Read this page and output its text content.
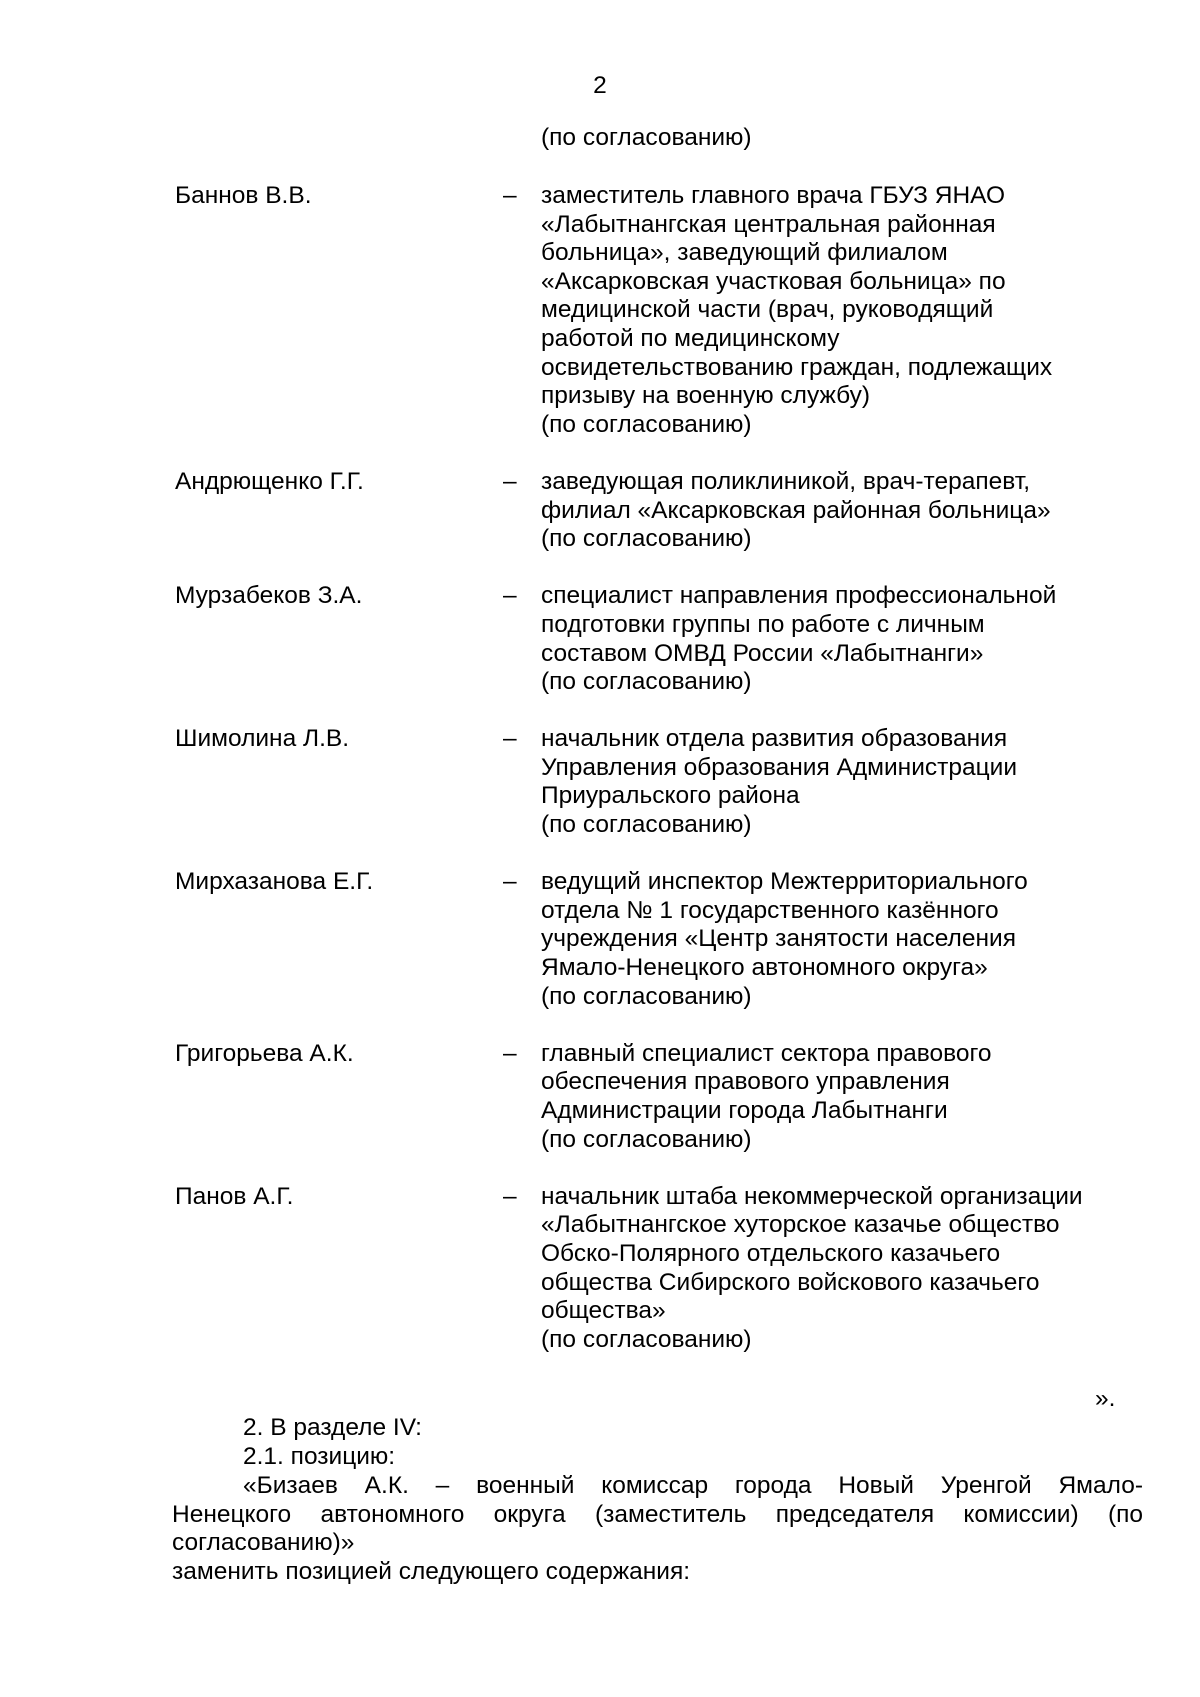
2
(по согласованию)
Баннов В.В.	– заместитель главного врача ГБУЗ ЯНАО
«Лабытнангская центральная районная
больница», заведующий филиалом
«Аксарковская участковая больница» по
медицинской части (врач, руководящий
работой по медицинскому
освидетельствованию граждан, подлежащих
призыву на военную службу)
(по согласованию)
Андрющенко Г.Г.	– заведующая поликлиникой, врач-терапевт,
филиал «Аксарковская районная больница»
(по согласованию)
Мурзабеков З.А.	– специалист направления профессиональной
подготовки группы по работе с личным
составом ОМВД России «Лабытнанги»
(по согласованию)
Шимолина Л.В.	– начальник отдела развития образования
Управления образования Администрации
Приуральского района
(по согласованию)
Мирхазанова Е.Г.	– ведущий инспектор Межтерриториального
отдела № 1 государственного казённого
учреждения «Центр занятости населения
Ямало-Ненецкого автономного округа»
(по согласованию)
Григорьева А.К.	– главный специалист сектора правового
обеспечения правового управления
Администрации города Лабытнанги
(по согласованию)
Панов А.Г.	– начальник штаба некоммерческой организации
«Лабытнангское хуторское казачье общество
Обско-Полярного отдельского казачьего
общества Сибирского войскового казачьего
общества»
(по согласованию)
».
2. В разделе IV:
2.1. позицию:
«Бизаев А.К. – военный комиссар города Новый Уренгой Ямало-
Ненецкого автономного округа (заместитель председателя комиссии) (по
согласованию)»
заменить позицией следующего содержания:
